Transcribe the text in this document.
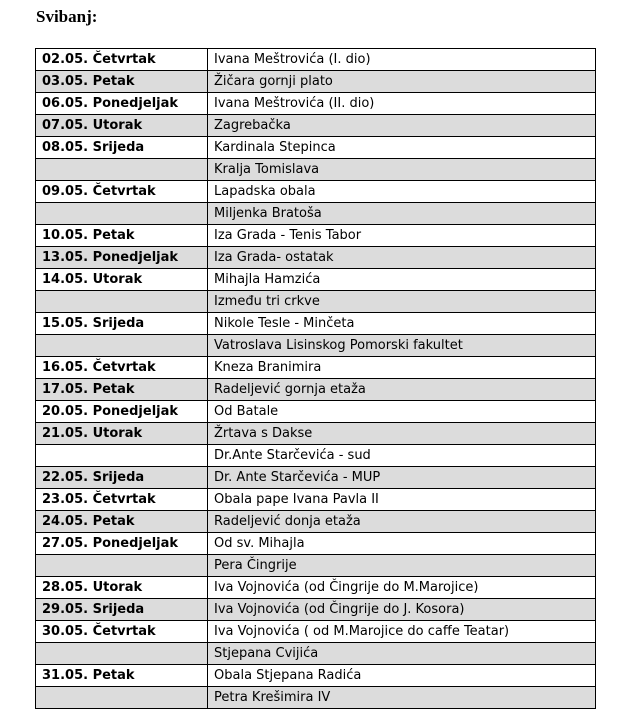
Svibanj:
02.05. Četvrtak	Ivana Meštrovića (I. dio)
03.05. Petak	Žičara gornji plato
06.05. Ponedjeljak	Ivana Meštrovića (II. dio)
07.05. Utorak	Zagrebačka
08.05. Srijeda	Kardinala Stepinca
	Kralja Tomislava
09.05. Četvrtak	Lapadska obala
	Miljenka Bratoša
10.05. Petak	Iza Grada - Tenis Tabor
13.05. Ponedjeljak	Iza Grada- ostatak
14.05. Utorak	Mihajla Hamzića
	Između tri crkve
15.05. Srijeda	Nikole Tesle - Minčeta
	Vatroslava Lisinskog Pomorski fakultet
16.05. Četvrtak	Kneza Branimira
17.05. Petak	Radeljević gornja etaža
20.05. Ponedjeljak	Od Batale
21.05. Utorak	Žrtava s Dakse
	Dr.Ante Starčevića - sud
22.05. Srijeda	Dr. Ante Starčevića - MUP
23.05. Četvrtak	Obala pape Ivana Pavla II
24.05. Petak	Radeljević donja etaža
27.05. Ponedjeljak	Od sv. Mihajla
	Pera Čingrije
28.05. Utorak	Iva Vojnovića (od Čingrije do M.Marojice)
29.05. Srijeda	Iva Vojnovića (od Čingrije do J. Kosora)
30.05. Četvrtak	Iva Vojnovića ( od M.Marojice do caffe Teatar)
	Stjepana Cvijića
31.05. Petak	Obala Stjepana Radića
	Petra Krešimira IV
